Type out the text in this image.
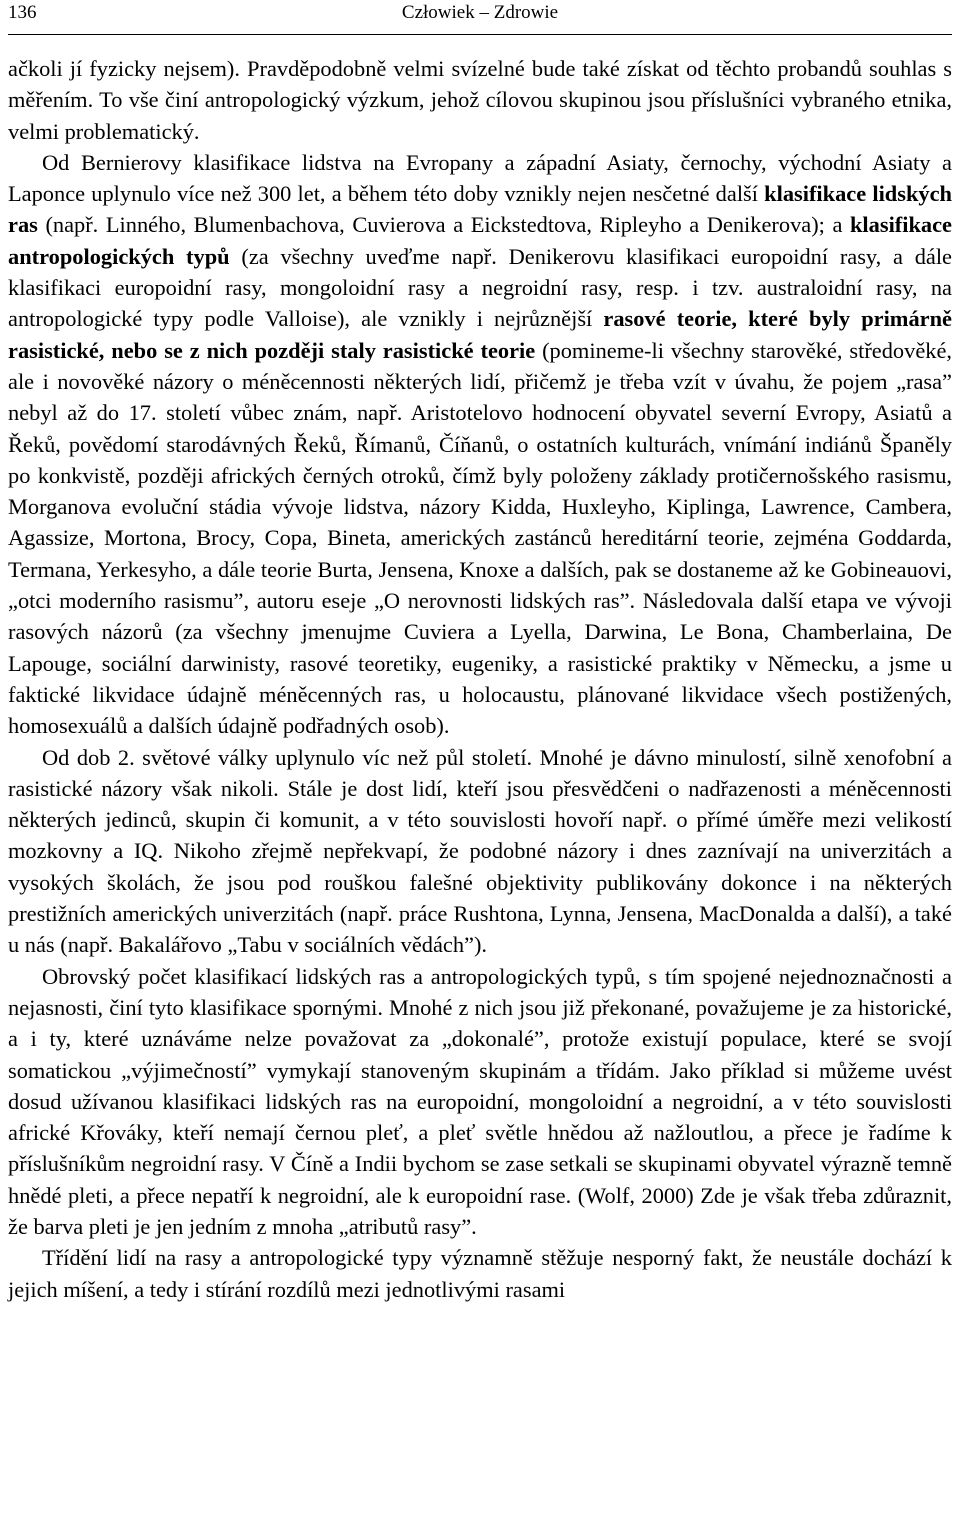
136	Człowiek – Zdrowie

ačkoli jí fyzicky nejsem). Pravděpodobně velmi svízelné bude také získat od těchto probandů souhlas s měřením. To vše činí antropologický výzkum, jehož cílovou skupinou jsou příslušníci vybraného etnika, velmi problematický.

Od Bernierovy klasifikace lidstva na Evropany a západní Asiaty, černochy, východní Asiaty a Laponce uplynulo více než 300 let, a během této doby vznikly nejen nesčetné další klasifikace lidských ras (např. Linného, Blumenbachova, Cuvierova a Eickstedtova, Ripleyho a Denikerova); a klasifikace antropologických typů (za všechny uveďme např. Denikerovu klasifikaci europoidní rasy, a dále klasifikaci europoidní rasy, mongoloidní rasy a negroidní rasy, resp. i tzv. australoidní rasy, na antropologické typy podle Valloise), ale vznikly i nejrůznější rasové teorie, které byly primárně rasistické, nebo se z nich později staly rasistické teorie (pomineme-li všechny starověké, středověké, ale i novověké názory o méněcennosti některých lidí, přičemž je třeba vzít v úvahu, že pojem „rasa” nebyl až do 17. století vůbec znám, např. Aristotelovo hodnocení obyvatel severní Evropy, Asiatů a Řeků, povědomí starodávných Řeků, Římanů, Číňanů, o ostatních kulturách, vnímání indiánů Španěly po konkvistě, později afrických černých otroků, čímž byly položeny základy protičernošského rasismu, Morganova evoluční stádia vývoje lidstva, názory Kidda, Huxleyho, Kiplinga, Lawrence, Cambera, Agassize, Mortona, Brocy, Copa, Bineta, amerických zastánců hereditární teorie, zejména Goddarda, Termana, Yerkesyho, a dále teorie Burta, Jensena, Knoxe a dalších, pak se dostaneme až ke Gobineauovi, „otci moderního rasismu”, autoru eseje „O nerovnosti lidských ras”. Následovala další etapa ve vývoji rasových názorů (za všechny jmenujme Cuviera a Lyella, Darwina, Le Bona, Chamberlaina, De Lapouge, sociální darwinisty, rasové teoretiky, eugeniky, a rasistické praktiky v Německu, a jsme u faktické likvidace údajně méněcenných ras, u holocaustu, plánované likvidace všech postižených, homosexuálů a dalších údajně podřadných osob).

Od dob 2. světové války uplynulo víc než půl století. Mnohé je dávno minulostí, silně xenofobní a rasistické názory však nikoli. Stále je dost lidí, kteří jsou přesvědčeni o nadřazenosti a méněcennosti některých jedinců, skupin či komunit, a v této souvislosti hovoří např. o přímé úměře mezi velikostí mozkovny a IQ. Nikoho zřejmě nepřekvapí, že podobné názory i dnes zaznívají na univerzitách a vysokých školách, že jsou pod rouškou falešné objektivity publikovány dokonce i na některých prestižních amerických univerzitách (např. práce Rushtona, Lynna, Jensena, MacDonalda a další), a také u nás (např. Bakalářovo „Tabu v sociálních vědách”).

Obrovský počet klasifikací lidských ras a antropologických typů, s tím spojené nejednoznačnosti a nejasnosti, činí tyto klasifikace spornými. Mnohé z nich jsou již překonané, považujeme je za historické, a i ty, které uznáváme nelze považovat za „dokonalé”, protože existují populace, které se svojí somatickou „výjimečností” vymykají stanoveným skupinám a třídám. Jako příklad si můžeme uvést dosud užívanou klasifikaci lidských ras na europoidní, mongoloidní a negroidní, a v této souvislosti africké Křováky, kteří nemají černou pleť, a pleť světle hnědou až nažloutlou, a přece je řadíme k příslušníkům negroidní rasy. V Číně a Indii bychom se zase setkali se skupinami obyvatel výrazně temně hnědé pleti, a přece nepatří k negroidní, ale k europoidní rase. (Wolf, 2000) Zde je však třeba zdůraznit, že barva pleti je jen jedním z mnoha „atributů rasy”.

Třídění lidí na rasy a antropologické typy významně stěžuje nesporný fakt, že neustále dochází k jejich míšení, a tedy i stírání rozdílů mezi jednotlivými rasami
